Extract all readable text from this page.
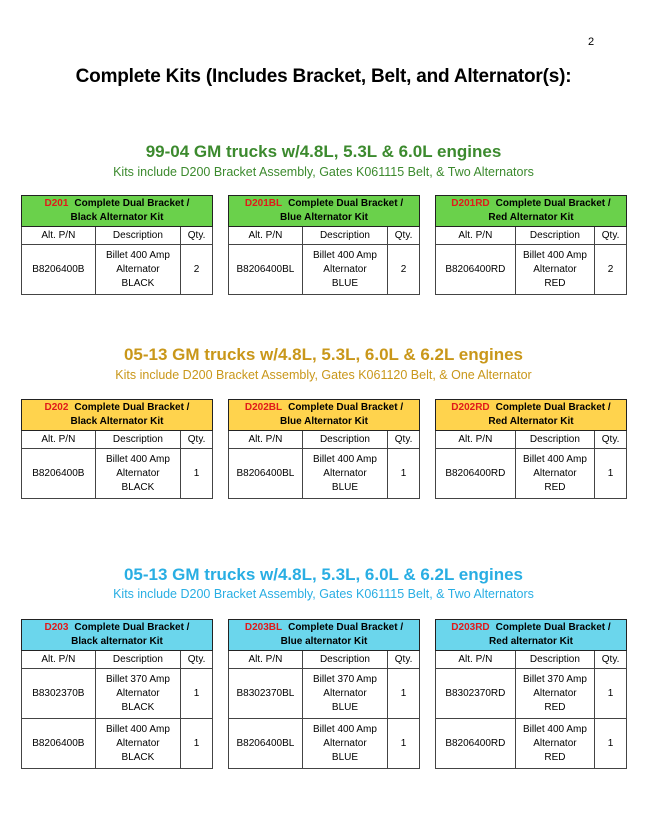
2
Complete Kits (Includes Bracket, Belt, and Alternator(s):
99-04 GM trucks w/4.8L, 5.3L & 6.0L engines
Kits include D200 Bracket Assembly, Gates K061115 Belt, & Two Alternators
05-13 GM trucks w/4.8L, 5.3L, 6.0L & 6.2L engines
Kits include D200 Bracket Assembly, Gates K061120 Belt, & One Alternator
05-13 GM trucks w/4.8L, 5.3L, 6.0L & 6.2L engines
Kits include D200 Bracket Assembly, Gates K061115 Belt, & Two Alternators
D201 Complete Dual Bracket /
Black Alternator Kit		
Alt. P/N	Description	Qty.
B8206400B	Billet 400 Amp
Alternator
BLACK	2
D201BL Complete Dual Bracket /
Blue Alternator Kit		
Alt. P/N	Description	Qty.
B8206400BL	Billet 400 Amp
Alternator
BLUE	2
D201RD Complete Dual Bracket /
Red Alternator Kit		
Alt. P/N	Description	Qty.
B8206400RD	Billet 400 Amp
Alternator
RED	2
D202 Complete Dual Bracket /
Black Alternator Kit		
Alt. P/N	Description	Qty.
B8206400B	Billet 400 Amp
Alternator
BLACK	1
D202BL Complete Dual Bracket /
Blue Alternator Kit		
Alt. P/N	Description	Qty.
B8206400BL	Billet 400 Amp
Alternator
BLUE	1
D202RD Complete Dual Bracket /
Red Alternator Kit		
Alt. P/N	Description	Qty.
B8206400RD	Billet 400 Amp
Alternator
RED	1
D203 Complete Dual Bracket /
Black alternator Kit		
Alt. P/N	Description	Qty.
B8302370B	Billet 370 Amp
Alternator
BLACK	1
B8206400B	Billet 400 Amp
Alternator
BLACK	1
D203BL Complete Dual Bracket /
Blue alternator Kit		
Alt. P/N	Description	Qty.
B8302370BL	Billet 370 Amp
Alternator
BLUE	1
B8206400BL	Billet 400 Amp
Alternator
BLUE	1
D203RD Complete Dual Bracket /
Red alternator Kit		
Alt. P/N	Description	Qty.
B8302370RD	Billet 370 Amp
Alternator
RED	1
B8206400RD	Billet 400 Amp
Alternator
RED	1
